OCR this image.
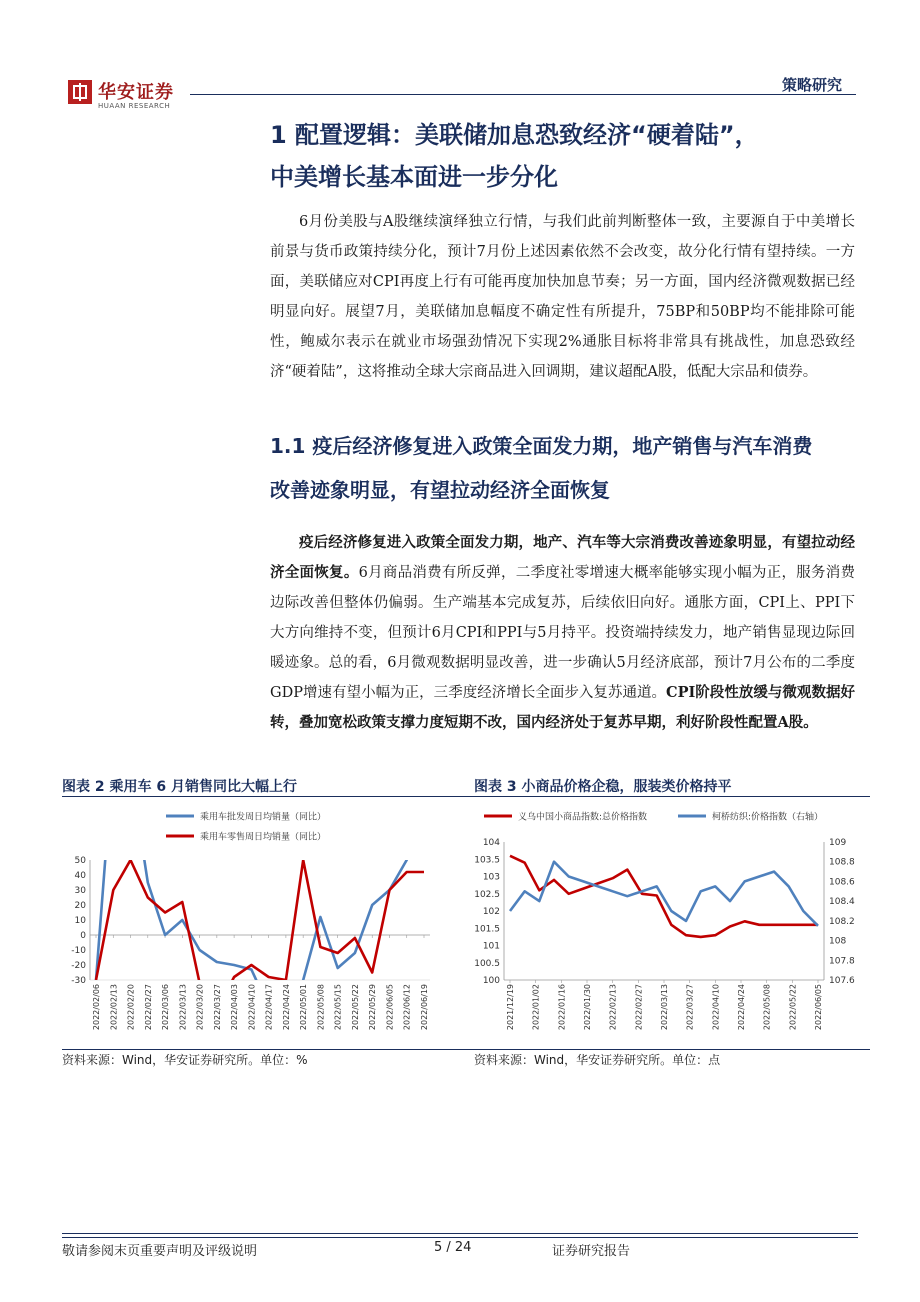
华安证券
HUAAN RESEARCH
策略研究
1 配置逻辑：美联储加息恐致经济“硬着陆”，
中美增长基本面进一步分化
6月份美股与A股继续演绎独立行情，与我们此前判断整体一致，主要源自于中美增长前景与货币政策持续分化，预计7月份上述因素依然不会改变，故分化行情有望持续。一方面，美联储应对CPI再度上行有可能再度加快加息节奏；另一方面，国内经济微观数据已经明显向好。展望7月，美联储加息幅度不确定性有所提升，75BP和50BP均不能排除可能性，鲍威尔表示在就业市场强劲情况下实现2%通胀目标将非常具有挑战性，加息恐致经济“硬着陆”，这将推动全球大宗商品进入回调期，建议超配A股，低配大宗品和债券。
1.1 疫后经济修复进入政策全面发力期，地产销售与汽车消费
改善迹象明显，有望拉动经济全面恢复
疫后经济修复进入政策全面发力期，地产、汽车等大宗消费改善迹象明显，有望拉动经济全面恢复。6月商品消费有所反弹，二季度社零增速大概率能够实现小幅为正，服务消费边际改善但整体仍偏弱。生产端基本完成复苏，后续依旧向好。通胀方面，CPI上、PPI下大方向维持不变，但预计6月CPI和PPI与5月持平。投资端持续发力，地产销售显现边际回暖迹象。总的看，6月微观数据明显改善，进一步确认5月经济底部，预计7月公布的二季度GDP增速有望小幅为正，三季度经济增长全面步入复苏通道。CPI阶段性放缓与微观数据好转，叠加宽松政策支撑力度短期不改，国内经济处于复苏早期，利好阶段性配置A股。
图表 2 乘用车 6 月销售同比大幅上行	图表 3 小商品价格企稳，服装类价格持平
乘用车批发周日均销量（同比）
乘用车零售周日均销量（同比）
50
40
30
20
10
0
-10
-20
-30
2022/02/06 2022/02/13 2022/02/20 2022/02/27 2022/03/06 2022/03/13 2022/03/20 2022/03/27 2022/04/03 2022/04/10 2022/04/17 2022/04/24 2022/05/01 2022/05/08 2022/05/15 2022/05/22 2022/05/29 2022/06/05 2022/06/12 2022/06/19
义乌中国小商品指数:总价格指数	柯桥纺织:价格指数（右轴）
104
103.5
103
102.5
102
101.5
101
100.5
100
109
108.8
108.6
108.4
108.2
108
107.8
107.6
2021/12/19 2022/01/02 2022/01/16 2022/01/30 2022/02/13 2022/02/27 2022/03/13 2022/03/27 2022/04/10 2022/04/24 2022/05/08 2022/05/22 2022/06/05
资料来源：Wind，华安证券研究所。单位：%	资料来源：Wind，华安证券研究所。单位：点
敬请参阅末页重要声明及评级说明	5 / 24	证券研究报告
